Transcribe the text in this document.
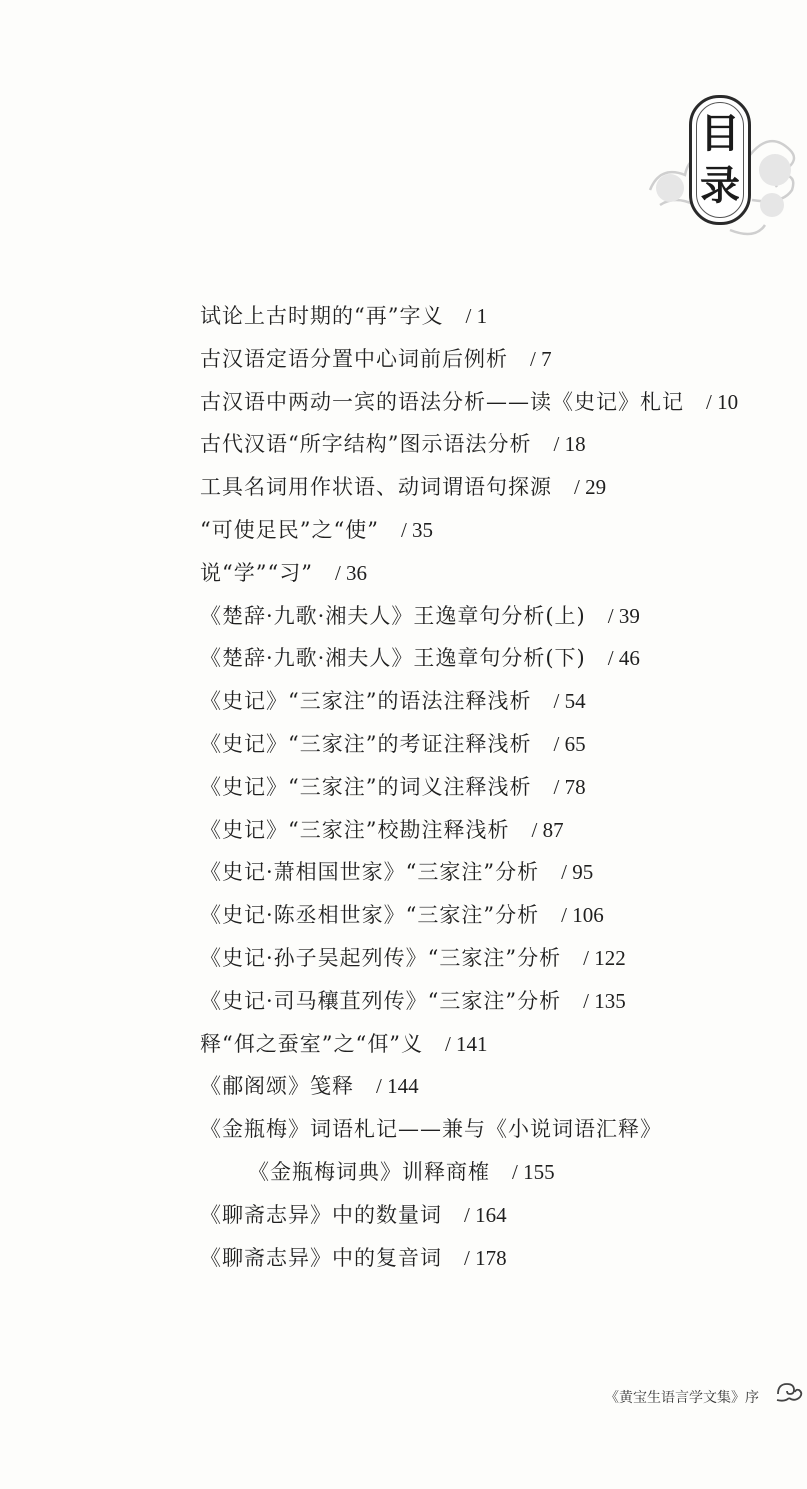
目
录
试论上古时期的“再”字义 / 1
古汉语定语分置中心词前后例析 / 7
古汉语中两动一宾的语法分析——读《史记》札记 / 10
古代汉语“所字结构”图示语法分析 / 18
工具名词用作状语、动词谓语句探源 / 29
“可使足民”之“使” / 35
说“学”“习” / 36
《楚辞·九歌·湘夫人》王逸章句分析(上) / 39
《楚辞·九歌·湘夫人》王逸章句分析(下) / 46
《史记》“三家注”的语法注释浅析 / 54
《史记》“三家注”的考证注释浅析 / 65
《史记》“三家注”的词义注释浅析 / 78
《史记》“三家注”校勘注释浅析 / 87
《史记·萧相国世家》“三家注”分析 / 95
《史记·陈丞相世家》“三家注”分析 / 106
《史记·孙子吴起列传》“三家注”分析 / 122
《史记·司马穰苴列传》“三家注”分析 / 135
释“佴之蚕室”之“佴”义 / 141
《郙阁颂》笺释 / 144
《金瓶梅》词语札记——兼与《小说词语汇释》
《金瓶梅词典》训释商榷 / 155
《聊斋志异》中的数量词 / 164
《聊斋志异》中的复音词 / 178
《黄宝生语言学文集》序
